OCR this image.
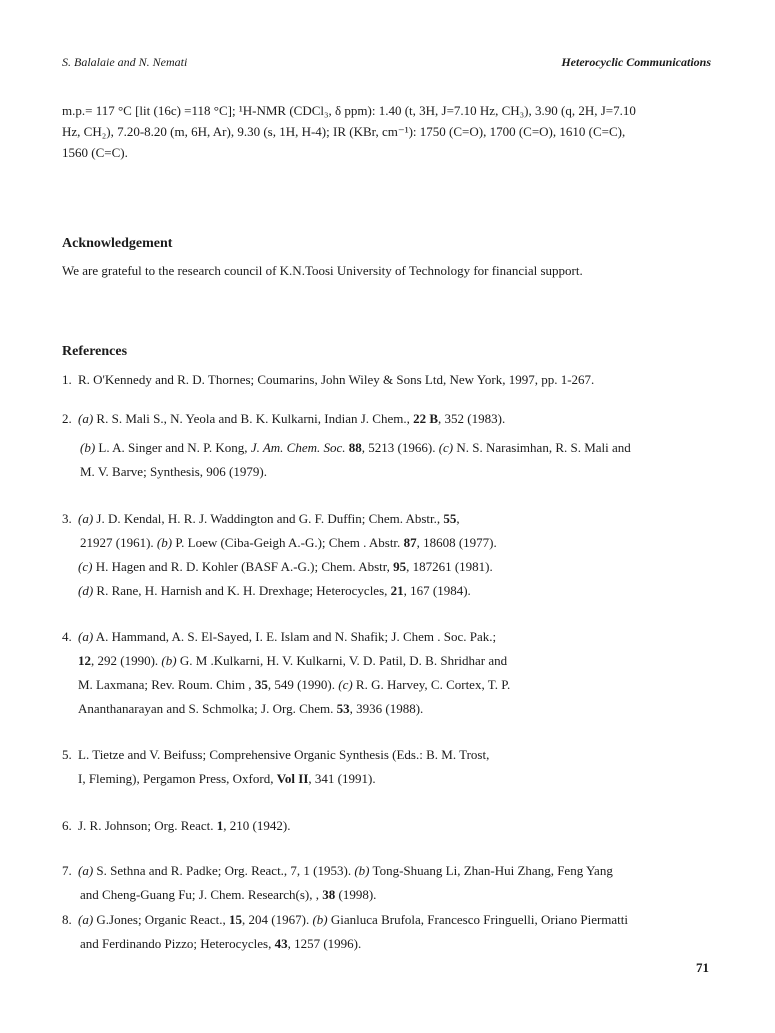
S. Balalaie and N. Nemati	Heterocyclic Communications
m.p.= 117 °C [lit (16c) =118 °C]; ¹H-NMR (CDCl₃, δ ppm): 1.40 (t, 3H, J=7.10 Hz, CH₃), 3.90 (q, 2H, J=7.10
Hz, CH₂), 7.20-8.20 (m, 6H, Ar), 9.30 (s, 1H, H-4); IR (KBr, cm⁻¹): 1750 (C=O), 1700 (C=O), 1610 (C=C),
1560 (C=C).
Acknowledgement
We are grateful to the research council of K.N.Toosi University of Technology for financial support.
References
1. R. O'Kennedy and R. D. Thornes; Coumarins, John Wiley & Sons Ltd, New York, 1997, pp. 1-267.
2. (a) R. S. Mali S., N. Yeola and B. K. Kulkarni, Indian J. Chem., 22 B, 352 (1983).
(b) L. A. Singer and N. P. Kong, J. Am. Chem. Soc. 88, 5213 (1966). (c) N. S. Narasimhan, R. S. Mali and
M. V. Barve; Synthesis, 906 (1979).
3. (a) J. D. Kendal, H. R. J. Waddington and G. F. Duffin; Chem. Abstr., 55,
21927 (1961). (b) P. Loew (Ciba-Geigh A.-G.); Chem . Abstr. 87, 18608 (1977).
(c) H. Hagen and R. D. Kohler (BASF A.-G.); Chem. Abstr, 95, 187261 (1981).
(d) R. Rane, H. Harnish and K. H. Drexhage; Heterocycles, 21, 167 (1984).
4. (a) A. Hammand, A. S. El-Sayed, I. E. Islam and N. Shafik; J. Chem . Soc. Pak.;
12, 292 (1990). (b) G. M .Kulkarni, H. V. Kulkarni, V. D. Patil, D. B. Shridhar and
M. Laxmana; Rev. Roum. Chim , 35, 549 (1990). (c) R. G. Harvey, C. Cortex, T. P.
Ananthanarayan and S. Schmolka; J. Org. Chem. 53, 3936 (1988).
5. L. Tietze and V. Beifuss; Comprehensive Organic Synthesis (Eds.: B. M. Trost,
I, Fleming), Pergamon Press, Oxford, Vol II, 341 (1991).
6. J. R. Johnson; Org. React. 1, 210 (1942).
7. (a) S. Sethna and R. Padke; Org. React., 7, 1 (1953). (b) Tong-Shuang Li, Zhan-Hui Zhang, Feng Yang
and Cheng-Guang Fu; J. Chem. Research(s), , 38 (1998).
8. (a) G.Jones; Organic React., 15, 204 (1967). (b) Gianluca Brufola, Francesco Fringuelli, Oriano Piermatti
and Ferdinando Pizzo; Heterocycles, 43, 1257 (1996).
71
